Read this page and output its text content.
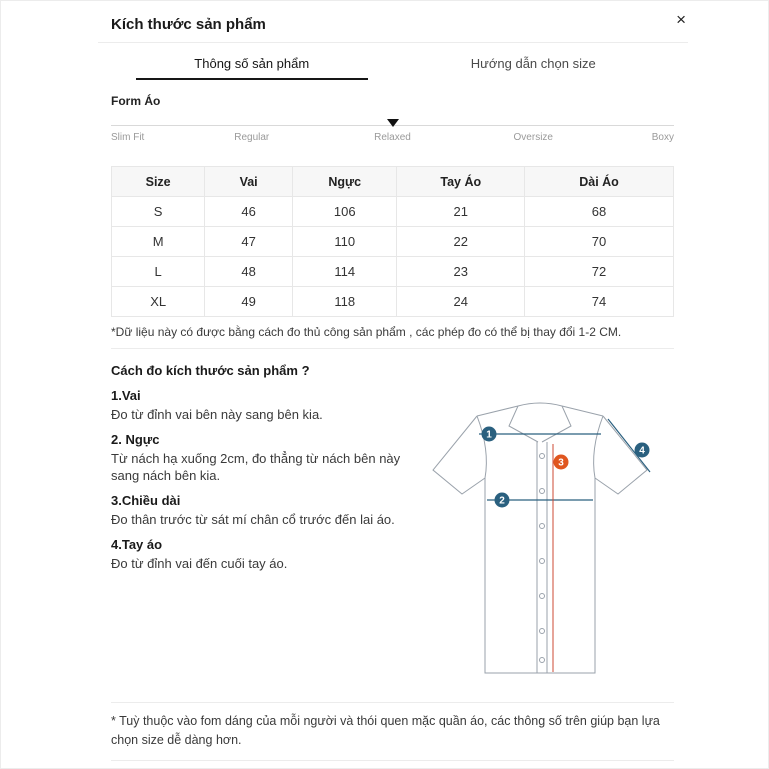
Kích thước sản phẩm	×
Thông số sản phẩm	Hướng dẫn chọn size
Form Áo
Slim Fit	Regular	Relaxed	Oversize	Boxy
Size	Vai	Ngực	Tay Áo	Dài Áo
S	46	106	21	68
M	47	110	22	70
L	48	114	23	72
XL	49	118	24	74
*Dữ liệu này có được bằng cách đo thủ công sản phẩm , các phép đo có thể bị thay đổi 1-2 CM.
Cách đo kích thước sản phẩm ?
1.Vai
Đo từ đỉnh vai bên này sang bên kia.
2. Ngực
Từ nách hạ xuống 2cm, đo thẳng từ nách bên này sang nách bên kia.
3.Chiều dài
Đo thân trước từ sát mí chân cổ trước đến lai áo.
4.Tay áo
Đo từ đỉnh vai đến cuối tay áo.
1
2
3
4
* Tuỳ thuộc vào fom dáng của mỗi người và thói quen mặc quần áo, các thông số trên giúp bạn lựa chọn size dễ dàng hơn.
